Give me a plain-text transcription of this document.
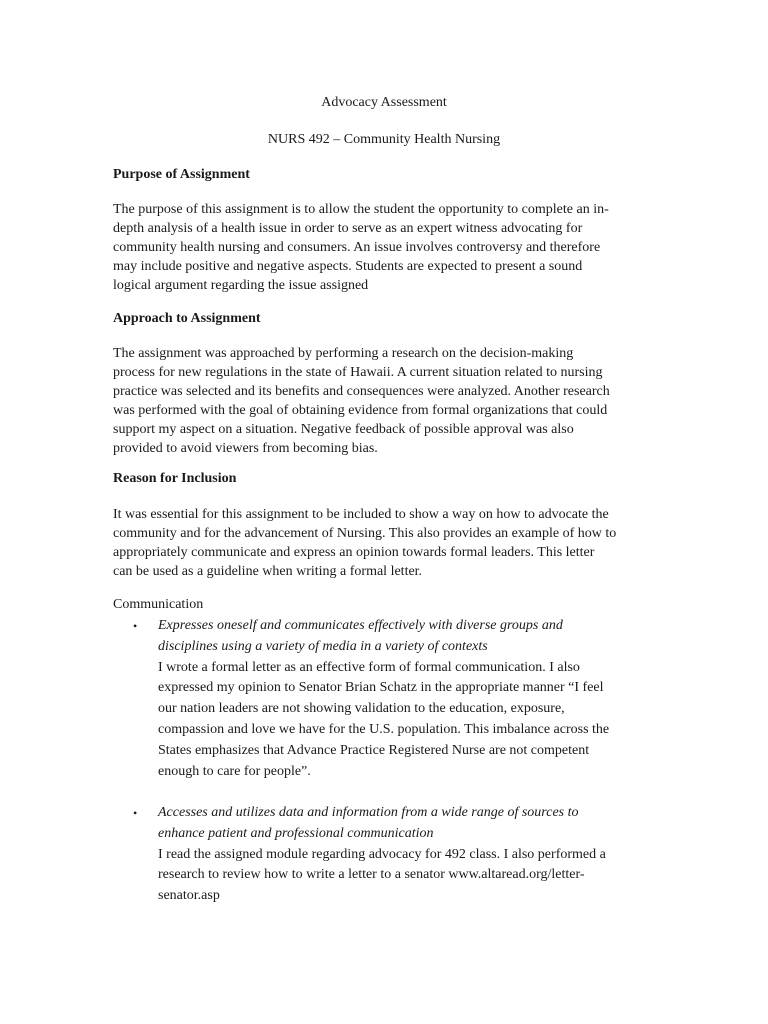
Advocacy Assessment
NURS 492 – Community Health Nursing
Purpose of Assignment
The purpose of this assignment is to allow the student the opportunity to complete an in-
depth analysis of a health issue in order to serve as an expert witness advocating for
community health nursing and consumers. An issue involves controversy and therefore
may include positive and negative aspects. Students are expected to present a sound
logical argument regarding the issue assigned
Approach to Assignment
The assignment was approached by performing a research on the decision-making
process for new regulations in the state of Hawaii. A current situation related to nursing
practice was selected and its benefits and consequences were analyzed. Another research
was performed with the goal of obtaining evidence from formal organizations that could
support my aspect on a situation. Negative feedback of possible approval was also
provided to avoid viewers from becoming bias.
Reason for Inclusion
It was essential for this assignment to be included to show a way on how to advocate the
community and for the advancement of Nursing. This also provides an example of how to
appropriately communicate and express an opinion towards formal leaders. This letter
can be used as a guideline when writing a formal letter.
Communication
• Expresses oneself and communicates effectively with diverse groups and
disciplines using a variety of media in a variety of contexts
I wrote a formal letter as an effective form of formal communication. I also
expressed my opinion to Senator Brian Schatz in the appropriate manner “I feel
our nation leaders are not showing validation to the education, exposure,
compassion and love we have for the U.S. population. This imbalance across the
States emphasizes that Advance Practice Registered Nurse are not competent
enough to care for people”.
• Accesses and utilizes data and information from a wide range of sources to
enhance patient and professional communication
I read the assigned module regarding advocacy for 492 class. I also performed a
research to review how to write a letter to a senator www.altaread.org/letter-
senator.asp
